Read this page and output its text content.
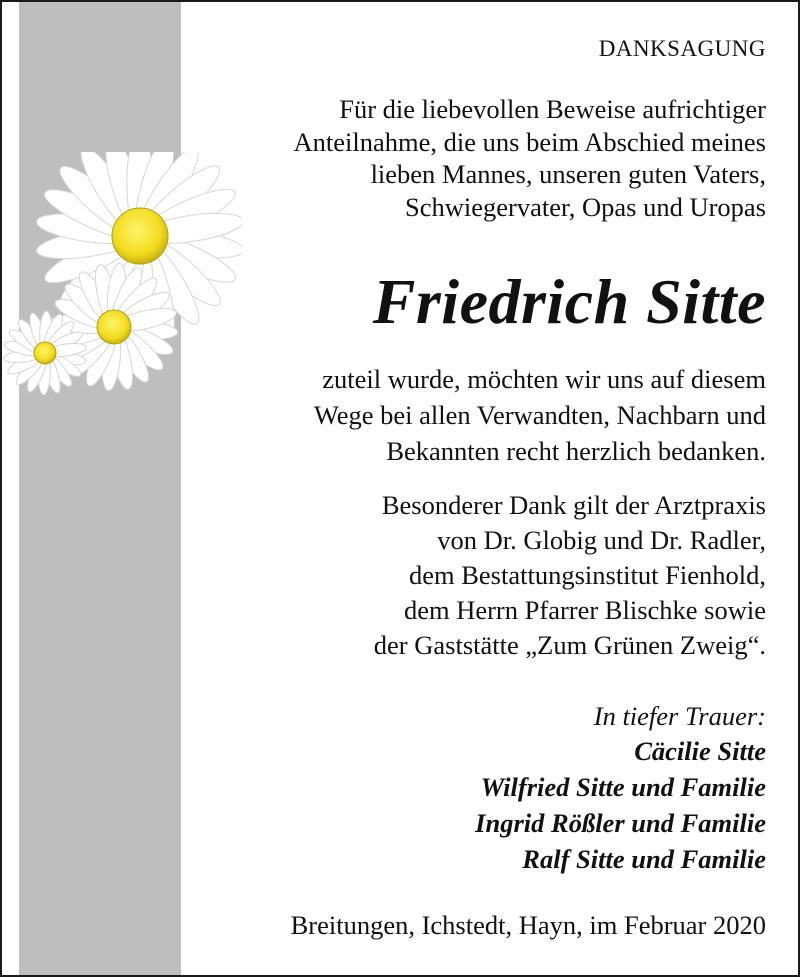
DANKSAGUNG
Für die liebevollen Beweise aufrichtiger
Anteilnahme, die uns beim Abschied meines
lieben Mannes, unseren guten Vaters,
Schwiegervater, Opas und Uropas
Friedrich Sitte
zuteil wurde, möchten wir uns auf diesem
Wege bei allen Verwandten, Nachbarn und
Bekannten recht herzlich bedanken.
Besonderer Dank gilt der Arztpraxis
von Dr. Globig und Dr. Radler,
dem Bestattungsinstitut Fienhold,
dem Herrn Pfarrer Blischke sowie
der Gaststätte „Zum Grünen Zweig“.
In tiefer Trauer:
Cäcilie Sitte
Wilfried Sitte und Familie
Ingrid Rößler und Familie
Ralf Sitte und Familie
Breitungen, Ichstedt, Hayn, im Februar 2020
